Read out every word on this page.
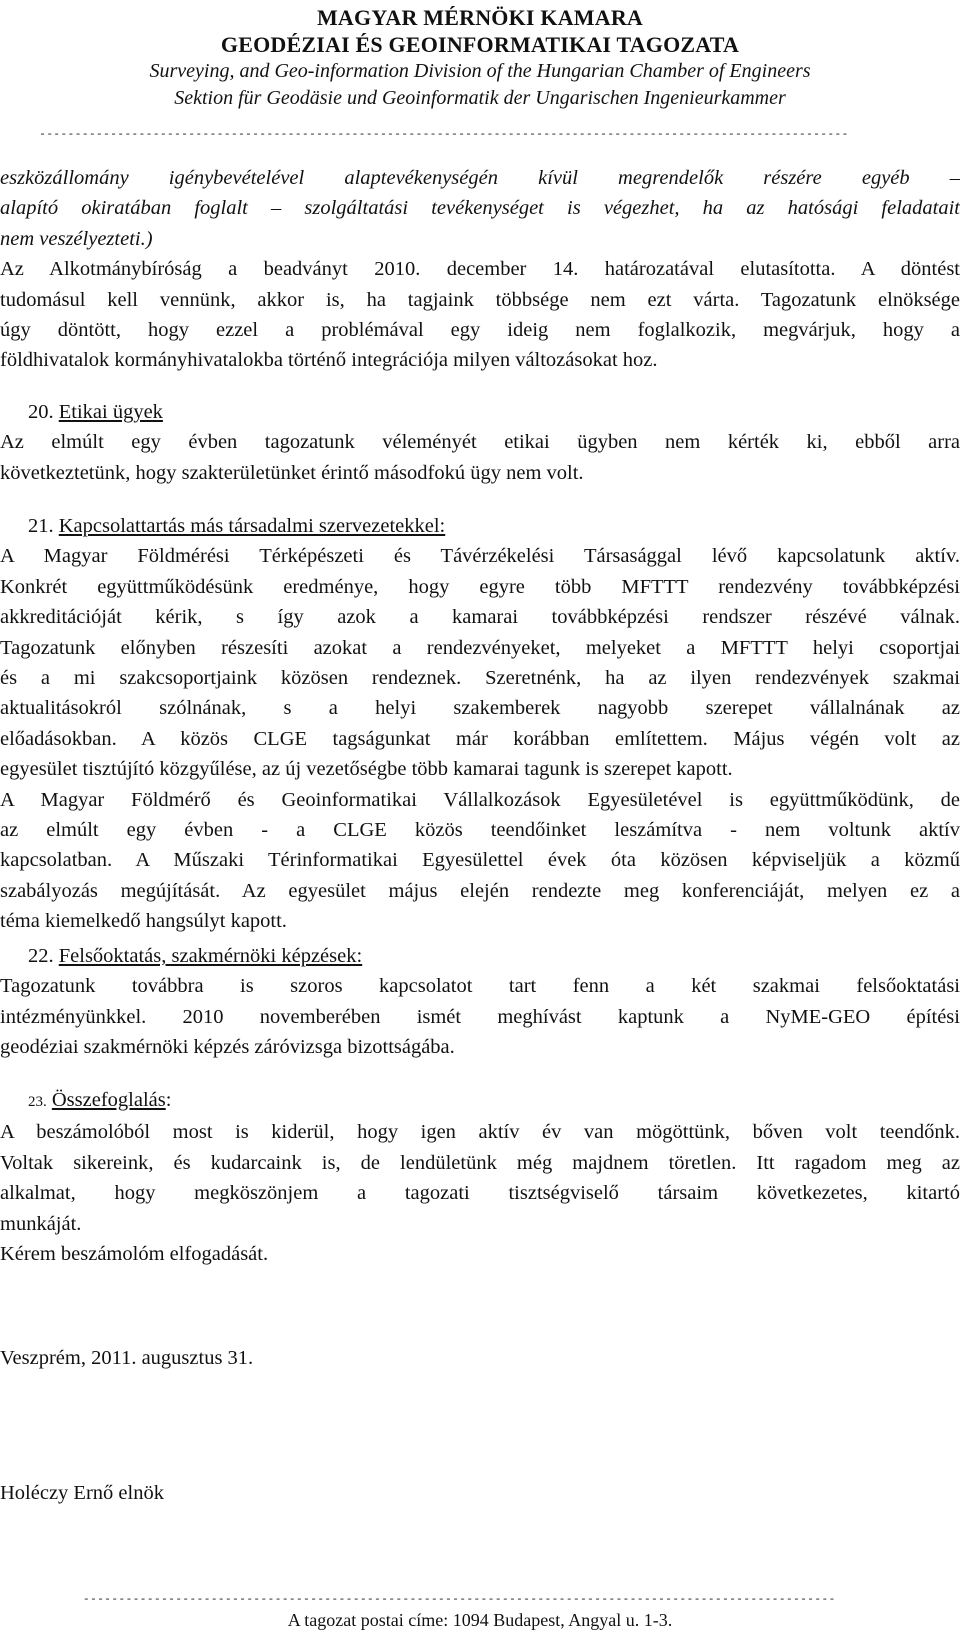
MAGYAR MÉRNÖKI KAMARA
GEODÉZIAI ÉS GEOINFORMATIKAI TAGOZATA
Surveying, and Geo-information Division of the Hungarian Chamber of Engineers
Sektion für Geodäsie und Geoinformatik der Ungarischen Ingenieurkammer
------------------------------------------------------------------------------------------------------------------
eszközállomány igénybevételével alaptevékenységén kívül megrendelők részére egyéb –
alapító okiratában foglalt – szolgáltatási tevékenységet is végezhet, ha az hatósági feladatait
nem veszélyezteti.)
Az Alkotmánybíróság a beadványt 2010. december 14. határozatával elutasította. A döntést
tudomásul kell vennünk, akkor is, ha tagjaink többsége nem ezt várta. Tagozatunk elnöksége
úgy döntött, hogy ezzel a problémával egy ideig nem foglalkozik, megvárjuk, hogy a
földhivatalok kormányhivatalokba történő integrációja milyen változásokat hoz.
20. Etikai ügyek
Az elmúlt egy évben tagozatunk véleményét etikai ügyben nem kérték ki, ebből arra
következtetünk, hogy szakterületünket érintő másodfokú ügy nem volt.
21. Kapcsolattartás más társadalmi szervezetekkel:
A Magyar Földmérési Térképészeti és Távérzékelési Társasággal lévő kapcsolatunk aktív.
Konkrét együttműködésünk eredménye, hogy egyre több MFTTT rendezvény továbbképzési
akkreditációját kérik, s így azok a kamarai továbbképzési rendszer részévé válnak.
Tagozatunk előnyben részesíti azokat a rendezvényeket, melyeket a MFTTT helyi csoportjai
és a mi szakcsoportjaink közösen rendeznek. Szeretnénk, ha az ilyen rendezvények szakmai
aktualitásokról szólnának, s a helyi szakemberek nagyobb szerepet vállalnának az
előadásokban. A közös CLGE tagságunkat már korábban említettem. Május végén volt az
egyesület tisztújító közgyűlése, az új vezetőségbe több kamarai tagunk is szerepet kapott.
A Magyar Földmérő és Geoinformatikai Vállalkozások Egyesületével is együttműködünk, de
az elmúlt egy évben - a CLGE közös teendőinket leszámítva - nem voltunk aktív
kapcsolatban. A Műszaki Térinformatikai Egyesülettel évek óta közösen képviseljük a közmű
szabályozás megújítását. Az egyesület május elején rendezte meg konferenciáját, melyen ez a
téma kiemelkedő hangsúlyt kapott.
22. Felsőoktatás, szakmérnöki képzések:
Tagozatunk továbbra is szoros kapcsolatot tart fenn a két szakmai felsőoktatási
intézményünkkel. 2010 novemberében ismét meghívást kaptunk a NyME-GEO építési
geodéziai szakmérnöki képzés záróvizsga bizottságába.
23. Összefoglalás:
A beszámolóból most is kiderül, hogy igen aktív év van mögöttünk, bőven volt teendőnk.
Voltak sikereink, és kudarcaink is, de lendületünk még majdnem töretlen. Itt ragadom meg az
alkalmat, hogy megköszönjem a tagozati tisztségviselő társaim következetes, kitartó
munkáját.
Kérem beszámolóm elfogadását.
Veszprém, 2011. augusztus 31.
Holéczy Ernő elnök
----------------------------------------------------------------------------------------------------------
A tagozat postai címe: 1094 Budapest, Angyal u. 1-3.
